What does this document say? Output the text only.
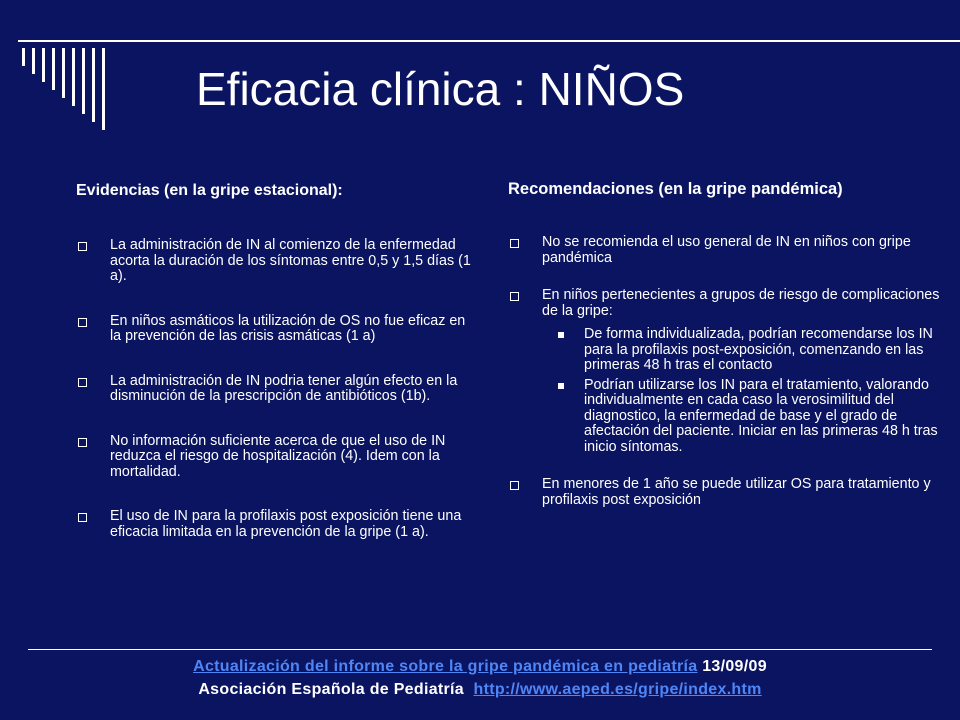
Eficacia clínica : NIÑOS

Evidencias (en la gripe estacional):

La administración de IN al comienzo de la enfermedad acorta la duración de los síntomas entre 0,5 y 1,5 días (1 a).
En niños asmáticos la utilización de OS no fue eficaz en la prevención de las crisis asmáticas (1 a)
La administración de IN podria tener algún efecto en la disminución de la prescripción de antibióticos (1b).
No información suficiente acerca de que el uso de IN reduzca el riesgo de hospitalización (4). Idem con la mortalidad.
El uso de IN para la profilaxis post exposición tiene una eficacia limitada en la prevención de la gripe (1 a).

Recomendaciones (en la gripe pandémica)

No se recomienda el uso general de IN en niños con gripe pandémica
En niños pertenecientes a grupos de riesgo de complicaciones de la gripe:
De forma individualizada, podrían recomendarse los IN para la profilaxis post-exposición, comenzando en las primeras 48 h tras el contacto
Podrían utilizarse los IN para el tratamiento, valorando individualmente en cada caso la verosimilitud del diagnostico, la enfermedad de base y el grado de afectación del paciente. Iniciar en las primeras 48 h tras inicio síntomas.
En menores de 1 año se puede utilizar OS para tratamiento y profilaxis post exposición
Actualización del informe sobre la gripe pandémica en pediatría 13/09/09
Asociación Española de Pediatría http://www.aeped.es/gripe/index.htm
